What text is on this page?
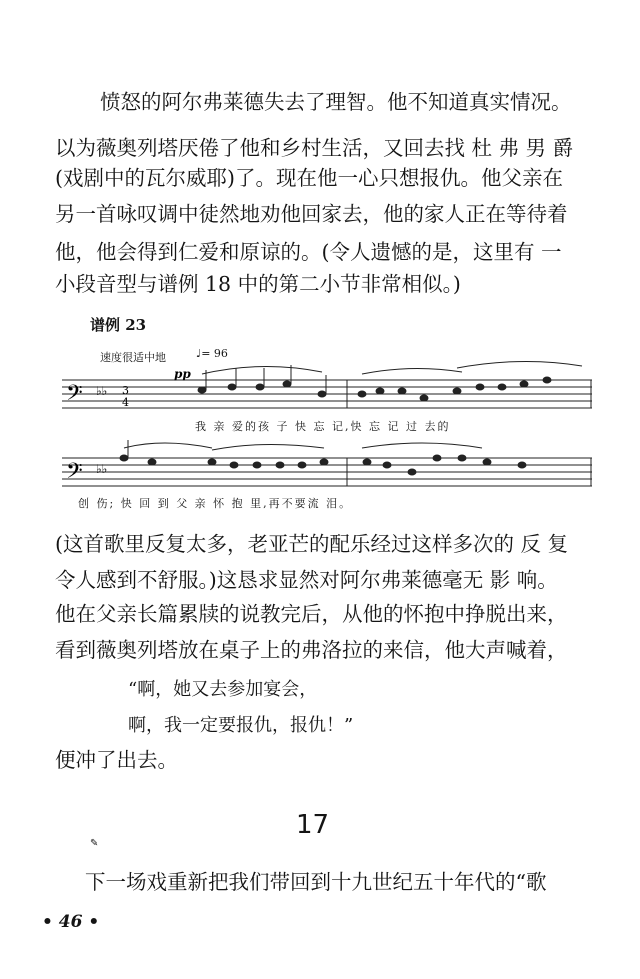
愤怒的阿尔弗莱德失去了理智。他不知道真实情况。
以为薇奥列塔厌倦了他和乡村生活，又回去找 杜 弗 男 爵
(戏剧中的瓦尔威耶)了。现在他一心只想报仇。他父亲在
另一首咏叹调中徒然地劝他回家去，他的家人正在等待着
他，他会得到仁爱和原谅的。(令人遗憾的是，这里有 一
小段音型与谱例 18 中的第二小节非常相似。)
谱例 23
速度很适中地	♩= 96
𝄢 ♭♭ 3
4
pp
我 亲 爱的孩 子 快 忘 记,快 忘 记 过 去的
𝄢 ♭♭
创 伤; 快 回 到 父 亲 怀 抱 里,再不要流 泪。
(这首歌里反复太多，老亚芒的配乐经过这样多次的 反 复
令人感到不舒服。)这恳求显然对阿尔弗莱德毫无 影 响。
他在父亲长篇累牍的说教完后，从他的怀抱中挣脱出来，
看到薇奥列塔放在桌子上的弗洛拉的来信，他大声喊着，
“啊，她又去参加宴会，
啊，我一定要报仇，报仇！”
便冲了出去。
17
✎
下一场戏重新把我们带回到十九世纪五十年代的“歌
• 46 •
